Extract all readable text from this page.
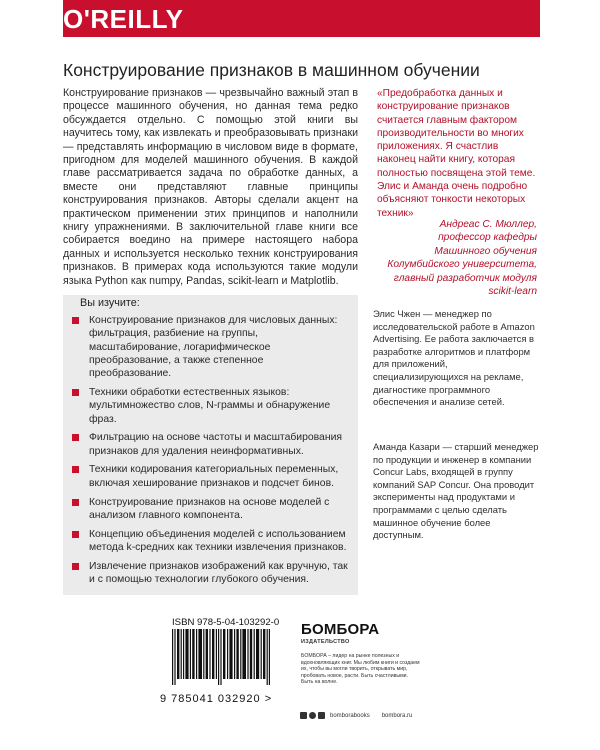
O'REILLY
Конструирование признаков в машинном обучении
Конструирование признаков — чрезвычайно важный этап в процессе машинного обучения, но данная тема редко обсуждается отдельно. С помощью этой книги вы научитесь тому, как извлекать и преобразовывать признаки — представлять информацию в числовом виде в формате, пригодном для моделей машинного обучения. В каждой главе рассматривается задача по обработке данных, а вместе они представляют главные принципы конструирования признаков. Авторы сделали акцент на практическом применении этих принципов и наполнили книгу упражнениями. В заключительной главе книги все собирается воедино на примере настоящего набора данных и используется несколько техник конструирования признаков. В примерах кода используются такие модули языка Python как numpy, Pandas, scikit-learn и Matplotlib.
«Предобработка данных и конструирование признаков считается главным фактором производительности во многих приложениях. Я счастлив наконец найти книгу, которая полностью посвящена этой теме. Элис и Аманда очень подробно объясняют тонкости некоторых техник»
Андреас С. Мюллер,
профессор кафедры
Машинного обучения
Колумбийского университета,
главный разработчик модуля
scikit-learn
Вы изучите:
Конструирование признаков для числовых данных: фильтрация, разбиение на группы, масштабирование, логарифмическое преобразование, а также степенное преобразование.
Техники обработки естественных языков: мультимножество слов, N-граммы и обнаружение фраз.
Фильтрацию на основе частоты и масштабирования признаков для удаления неинформативных.
Техники кодирования категориальных переменных, включая хеширование признаков и подсчет бинов.
Конструирование признаков на основе моделей с анализом главного компонента.
Концепцию объединения моделей с использованием метода k-средних как техники извлечения признаков.
Извлечение признаков изображений как вручную, так и с помощью технологии глубокого обучения.
Элис Чжен — менеджер по исследовательской работе в Amazon Advertising. Ее работа заключается в разработке алгоритмов и платформ для приложений, специализирующихся на рекламе, диагностике программного обеспечения и анализе сетей.
Аманда Казари — старший менеджер по продукции и инженер в компании Concur Labs, входящей в группу компаний SAP Concur. Она проводит эксперименты над продуктами и программами с целью сделать машинное обучение более доступным.
ISBN 978-5-04-103292-0
9 785041 032920 >
БОМБОРА
ИЗДАТЕЛЬСТВО
БОМБОРА – лидер на рынке полезных и вдохновляющих книг. Мы любим книги и создаем их, чтобы вы могли творить, открывать мир, пробовать новое, расти. Быть счастливыми. Быть на волне.
bomborabooks bombora.ru
